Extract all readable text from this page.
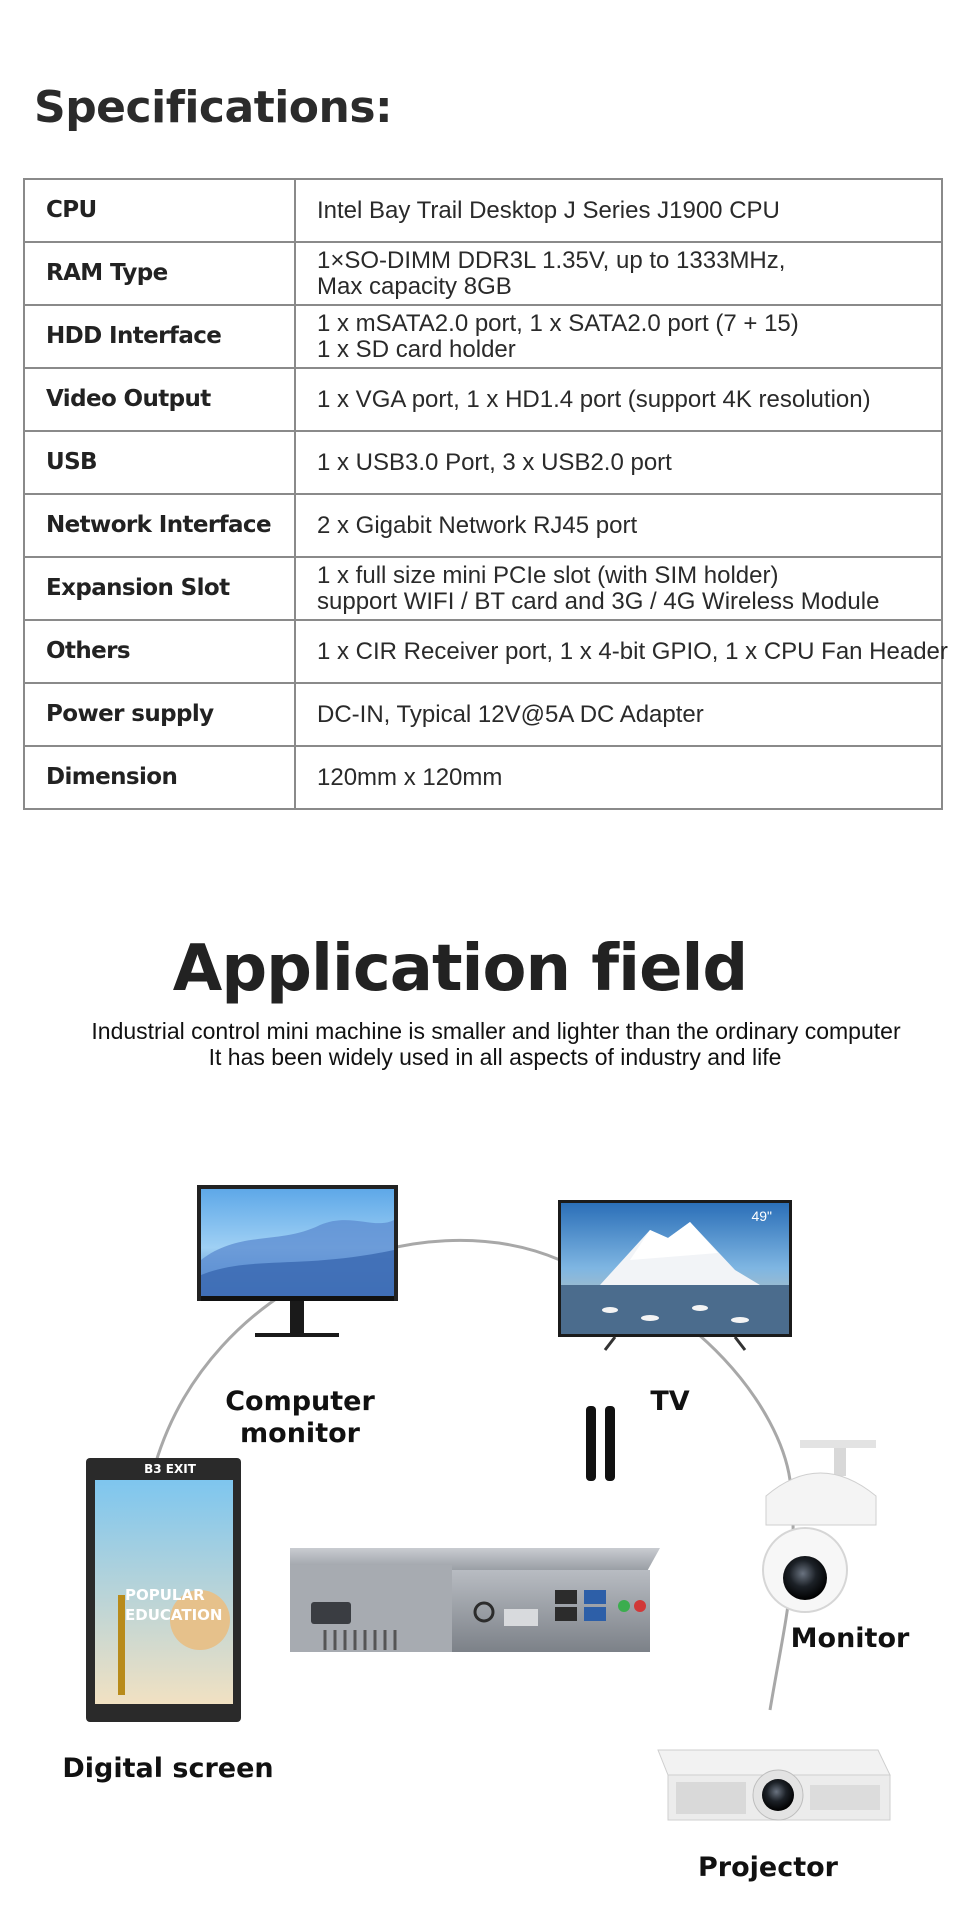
Specifications:
CPU	Intel Bay Trail Desktop J Series J1900 CPU

RAM Type	1×SO-DIMM DDR3L 1.35V, up to 1333MHz,
Max capacity 8GB

HDD Interface	1 x mSATA2.0 port, 1 x SATA2.0 port (7 + 15)
1 x SD card holder

Video Output	1 x VGA port, 1 x HD1.4 port (support 4K resolution)

USB	1 x USB3.0 Port, 3 x USB2.0 port

Network Interface	2 x Gigabit Network RJ45 port

Expansion Slot	1 x full size mini PCIe slot (with SIM holder)
support WIFI / BT card and 3G / 4G Wireless Module

Others	1 x CIR Receiver port, 1 x 4-bit GPIO, 1 x CPU Fan Header

Power supply	DC-IN, Typical 12V@5A DC Adapter

Dimension	120mm x 120mm
Application field

Industrial control mini machine is smaller and lighter than the ordinary computer

It has been widely used in all aspects of industry and life

49"
B3 EXIT
POPULAR
EDUCATION

Computer
monitor

TV

Monitor

Digital screen

Projector
